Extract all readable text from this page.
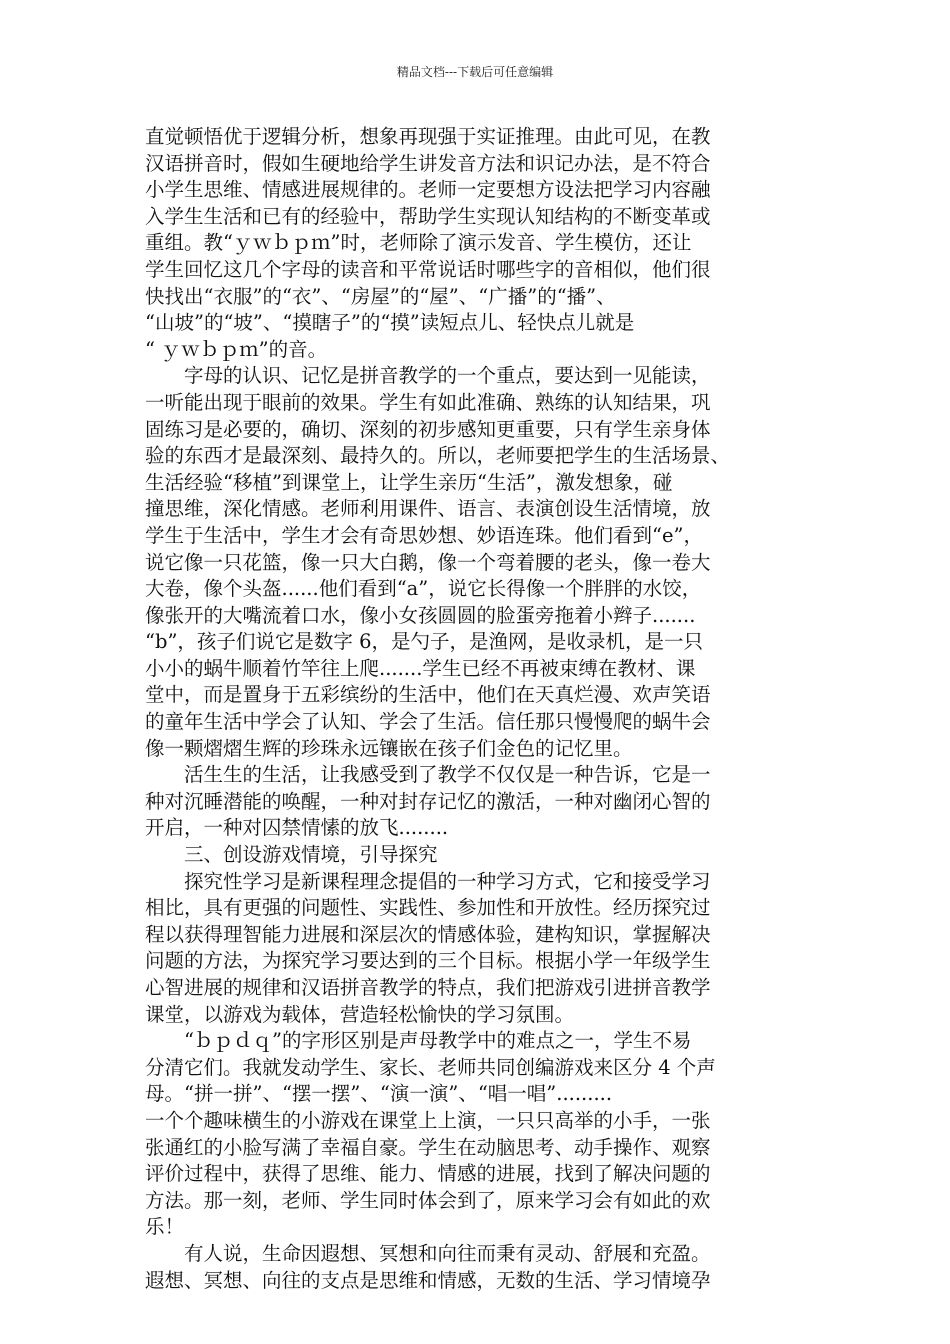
精品文档---下载后可任意编辑
直觉顿悟优于逻辑分析，想象再现强于实证推理。由此可见，在教
汉语拼音时，假如生硬地给学生讲发音方法和识记办法，是不符合
小学生思维、情感进展规律的。老师一定要想方设法把学习内容融
入学生生活和已有的经验中，帮助学生实现认知结构的不断变革或
重组。教“ｙｗｂｐｍ”时，老师除了演示发音、学生模仿，还让
学生回忆这几个字母的读音和平常说话时哪些字的音相似，他们很
快找出“衣服”的“衣”、“房屋”的“屋”、“广播”的“播”、
“山坡”的“坡”、“摸瞎子”的“摸”读短点儿、轻快点儿就是
“ ｙｗｂｐｍ”的音。
　　字母的认识、记忆是拼音教学的一个重点，要达到一见能读，
一听能出现于眼前的效果。学生有如此准确、熟练的认知结果，巩
固练习是必要的，确切、深刻的初步感知更重要，只有学生亲身体
验的东西才是最深刻、最持久的。所以，老师要把学生的生活场景、
生活经验“移植”到课堂上，让学生亲历“生活”，激发想象，碰
撞思维，深化情感。老师利用课件、语言、表演创设生活情境，放
学生于生活中，学生才会有奇思妙想、妙语连珠。他们看到“e”，
说它像一只花篮，像一只大白鹅，像一个弯着腰的老头，像一卷大
大卷，像个头盔......他们看到“a”，说它长得像一个胖胖的水饺，
像张开的大嘴流着口水，像小女孩圆圆的脸蛋旁拖着小辫子.......
“b”，孩子们说它是数字 6，是勺子，是渔网，是收录机，是一只
小小的蜗牛顺着竹竿往上爬.......学生已经不再被束缚在教材、课
堂中，而是置身于五彩缤纷的生活中，他们在天真烂漫、欢声笑语
的童年生活中学会了认知、学会了生活。信任那只慢慢爬的蜗牛会
像一颗熠熠生辉的珍珠永远镶嵌在孩子们金色的记忆里。
　　活生生的生活，让我感受到了教学不仅仅是一种告诉，它是一
种对沉睡潜能的唤醒，一种对封存记忆的激活，一种对幽闭心智的
开启，一种对囚禁情愫的放飞........
　　三、创设游戏情境，引导探究
　　探究性学习是新课程理念提倡的一种学习方式，它和接受学习
相比，具有更强的问题性、实践性、参加性和开放性。经历探究过
程以获得理智能力进展和深层次的情感体验，建构知识，掌握解决
问题的方法，为探究学习要达到的三个目标。根据小学一年级学生
心智进展的规律和汉语拼音教学的特点，我们把游戏引进拼音教学
课堂，以游戏为载体，营造轻松愉快的学习氛围。
　　“ｂｐｄｑ”的字形区别是声母教学中的难点之一，学生不易
分清它们。我就发动学生、家长、老师共同创编游戏来区分 4 个声
母。“拼一拼”、“摆一摆”、“演一演”、“唱一唱”.........
一个个趣味横生的小游戏在课堂上上演，一只只高举的小手，一张
张通红的小脸写满了幸福自豪。学生在动脑思考、动手操作、观察
评价过程中，获得了思维、能力、情感的进展，找到了解决问题的
方法。那一刻，老师、学生同时体会到了，原来学习会有如此的欢
乐！
　　有人说，生命因遐想、冥想和向往而秉有灵动、舒展和充盈。
遐想、冥想、向往的支点是思维和情感，无数的生活、学习情境孕
